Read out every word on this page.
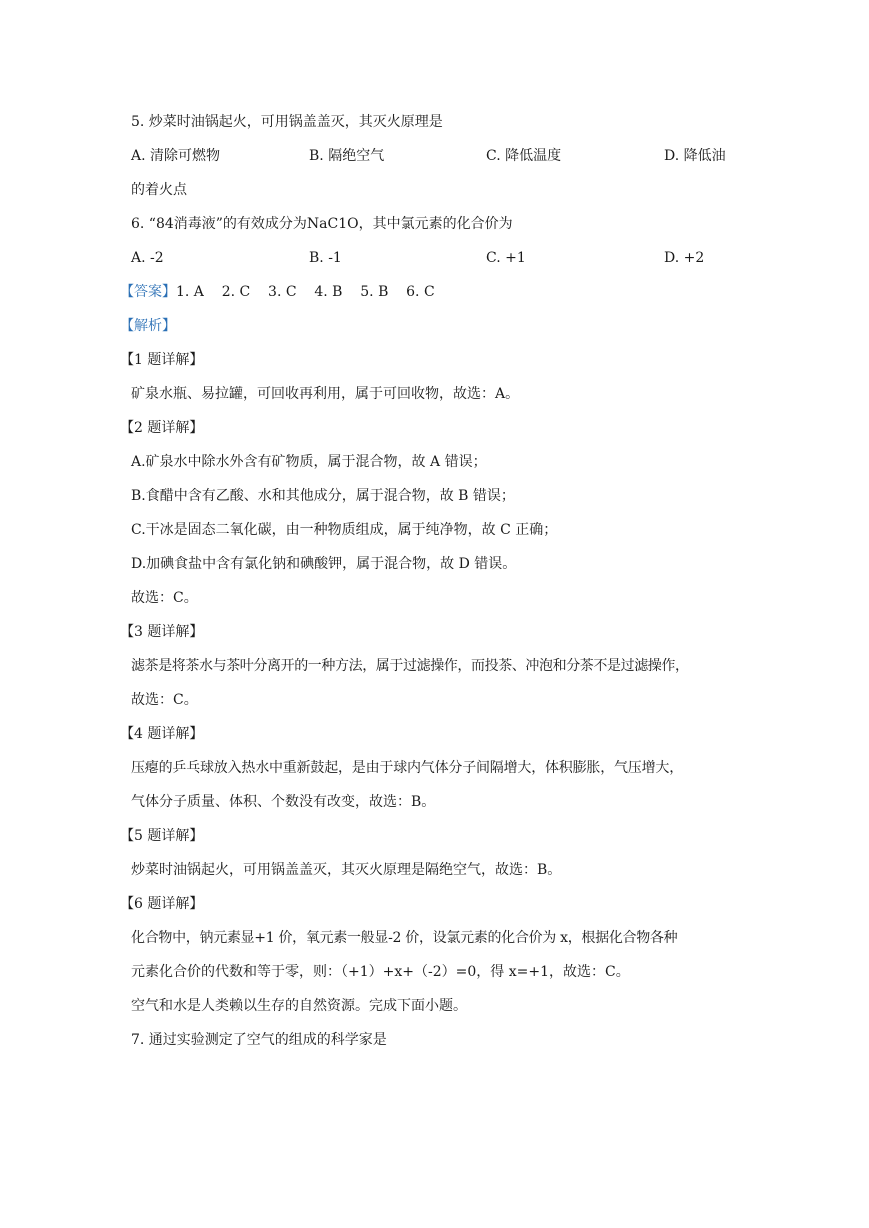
5. 炒菜时油锅起火，可用锅盖盖灭，其灭火原理是
A. 清除可燃物	B. 隔绝空气	C. 降低温度	D. 降低油
的着火点
6. “84消毒液”的有效成分为NaC1O，其中氯元素的化合价为
A. -2	B. -1	C. +1	D. +2
【答案】1. A    2. C    3. C    4. B    5. B    6. C
【解析】
【1 题详解】
矿泉水瓶、易拉罐，可回收再利用，属于可回收物，故选：A。
【2 题详解】
A.矿泉水中除水外含有矿物质，属于混合物，故 A 错误；
B.食醋中含有乙酸、水和其他成分，属于混合物，故 B 错误；
C.干冰是固态二氧化碳，由一种物质组成，属于纯净物，故 C 正确；
D.加碘食盐中含有氯化钠和碘酸钾，属于混合物，故 D 错误。
故选：C。
【3 题详解】
滤茶是将茶水与茶叶分离开的一种方法，属于过滤操作，而投茶、冲泡和分茶不是过滤操作，
故选：C。
【4 题详解】
压瘪的乒乓球放入热水中重新鼓起，是由于球内气体分子间隔增大，体积膨胀，气压增大，
气体分子质量、体积、个数没有改变，故选：B。
【5 题详解】
炒菜时油锅起火，可用锅盖盖灭，其灭火原理是隔绝空气，故选：B。
【6 题详解】
化合物中，钠元素显+1 价，氧元素一般显-2 价，设氯元素的化合价为 x，根据化合物各种
元素化合价的代数和等于零，则：（+1）+x+（-2）=0，得 x=+1，故选：C。
空气和水是人类赖以生存的自然资源。完成下面小题。
7. 通过实验测定了空气的组成的科学家是
